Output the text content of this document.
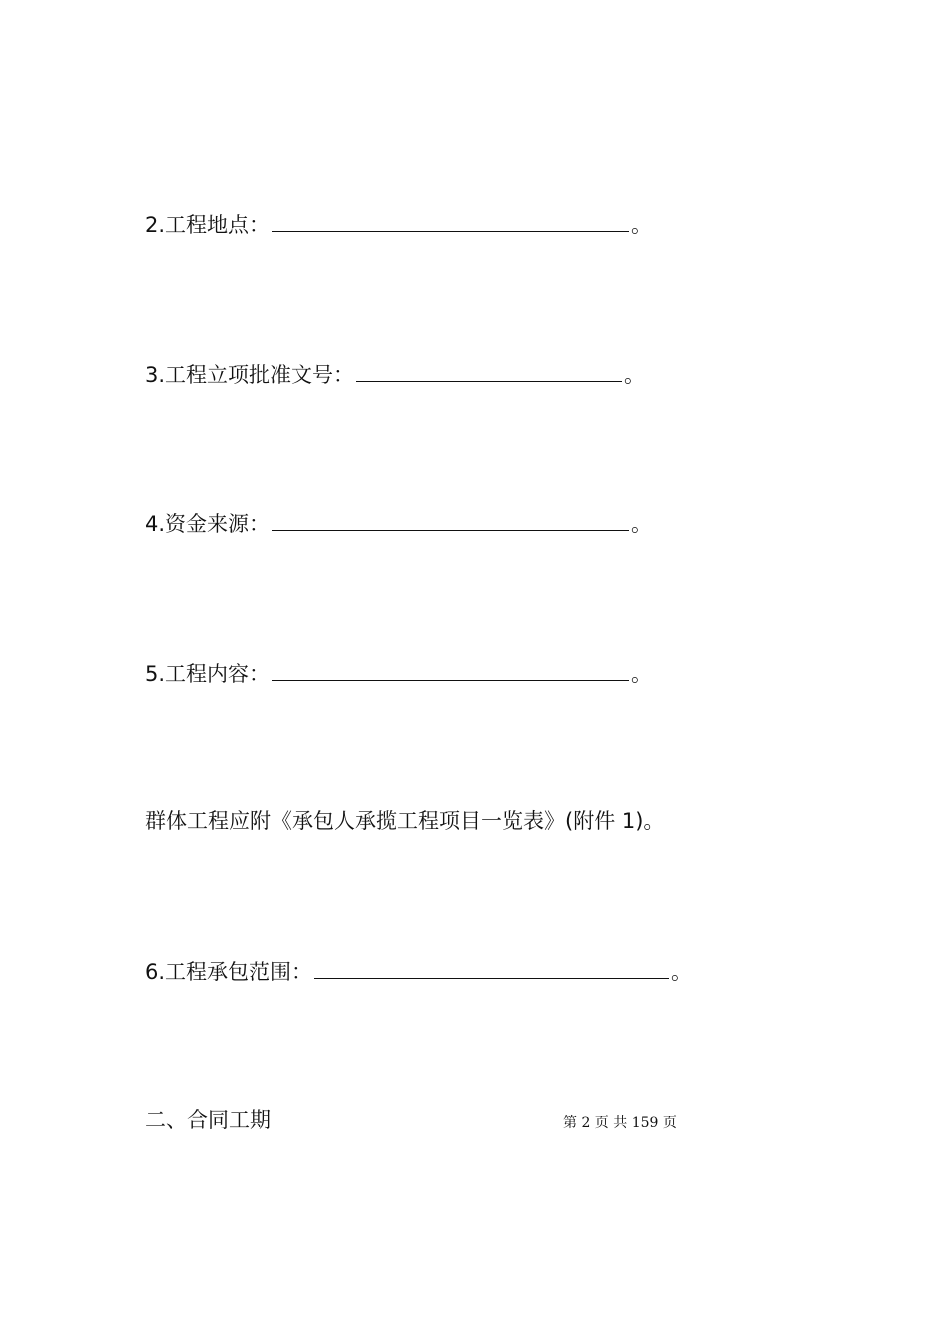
2.工程地点：	。
3.工程立项批准文号：	。
4.资金来源：	。
5.工程内容：	。
群体工程应附《承包人承揽工程项目一览表》(附件 1)。
6.工程承包范围：	。
二、合同工期	第 2 页 共 159 页
